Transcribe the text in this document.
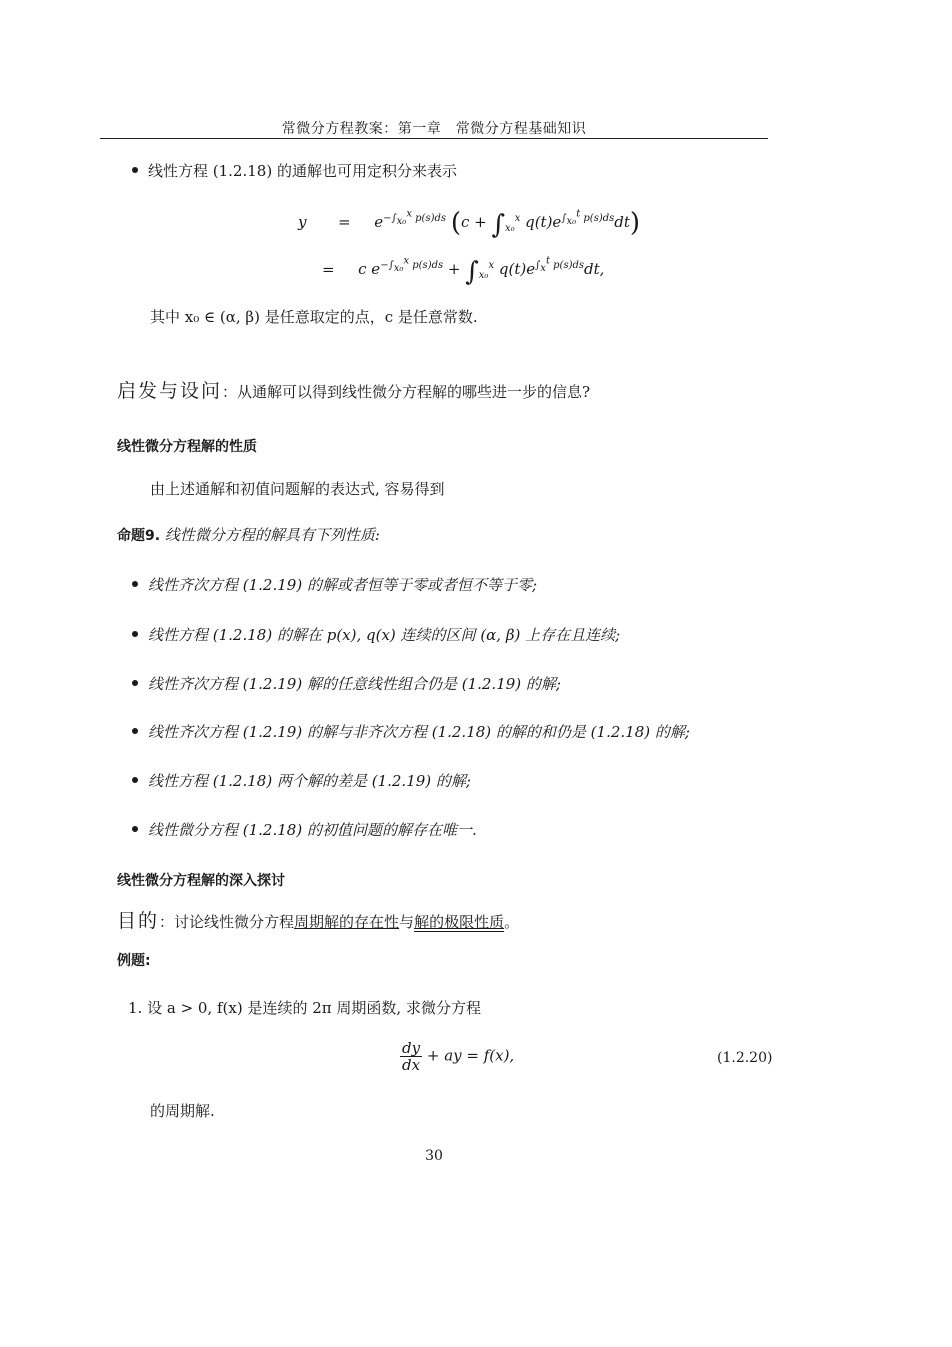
常微分方程教案：第一章　常微分方程基础知识
线性方程 (1.2.18) 的通解也可用定积分来表示
$y = e^{-\int_{x_0}^x p(s)ds}$ ($c + \int_{x_0}^x$ $q(t)e^{\int_{x_0}^t p(s)ds}dt$)
= c $e^{-\int_{x_0}^x p(s)ds} + \int_{x_0}^x$ $q(t)e^{\int_x^t p(s)ds}dt$,
其中 x₀ ∈ (α, β) 是任意取定的点，c 是任意常数.
启发与设问：从通解可以得到线性微分方程解的哪些进一步的信息?
线性微分方程解的性质
由上述通解和初值问题解的表达式, 容易得到
命题9. 线性微分方程的解具有下列性质:
线性齐次方程 (1.2.19) 的解或者恒等于零或者恒不等于零;
线性方程 (1.2.18) 的解在 p(x), q(x) 连续的区间 (α, β) 上存在且连续;
线性齐次方程 (1.2.19) 解的任意线性组合仍是 (1.2.19) 的解;
线性齐次方程 (1.2.19) 的解与非齐次方程 (1.2.18) 的解的和仍是 (1.2.18) 的解;
线性方程 (1.2.18) 两个解的差是 (1.2.19) 的解;
线性微分方程 (1.2.18) 的初值问题的解存在唯一.
线性微分方程解的深入探讨
目的：讨论线性微分方程周期解的存在性与解的极限性质。
例题:
1. 设 a > 0, f(x) 是连续的 2π 周期函数, 求微分方程
$\frac{dy}{dx}$ + ay = f(x),	(1.2.20)
的周期解.
30
